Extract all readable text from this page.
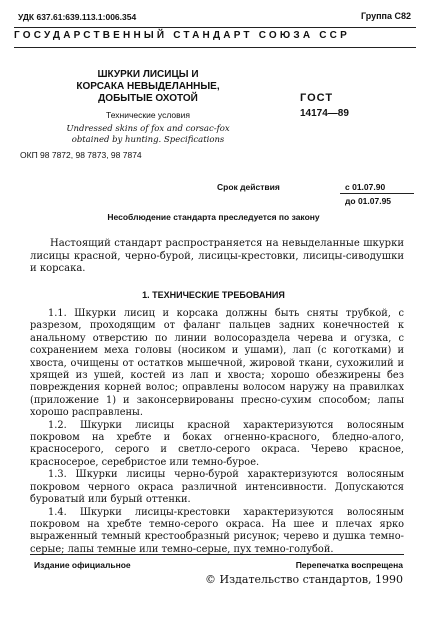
УДК 637.61:639.113.1:006.354	Группа С82
ГОСУДАРСТВЕННЫЙ СТАНДАРТ СОЮЗА ССР
ШКУРКИ ЛИСИЦЫ И
КОРСАКА НЕВЫДЕЛАННЫЕ,
ДОБЫТЫЕ ОХОТОЙ
Технические условия
Undressed skins of fox and corsac-fox
obtained by hunting. Specifications
ОКП 98 7872, 98 7873, 98 7874
ГОСТ
14174—89
Срок действия	с 01.07.90
до 01.07.95
Несоблюдение стандарта преследуется по закону
Настоящий стандарт распространяется на невыделанные шкурки лисицы красной, черно-бурой, лисицы-крестовки, лисицы-сиводушки и корсака.
1. ТЕХНИЧЕСКИЕ ТРЕБОВАНИЯ

1.1. Шкурки лисиц и корсака должны быть сняты трубкой, с разрезом, проходящим от фаланг пальцев задних конечностей к анальному отверстию по линии волосораздела черева и огузка, с сохранением меха головы (носиком и ушами), лап (с коготками) и хвоста, очищены от остатков мышечной, жировой ткани, сухожилий и хрящей из ушей, костей из лап и хвоста; хорошо обезжирены без повреждения корней волос; оправлены волосом наружу на правилках (приложение 1) и законсервированы пресно-сухим способом; лапы хорошо расправлены.

1.2. Шкурки лисицы красной характеризуются волосяным покровом на хребте и боках огненно-красного, бледно-алого, красносерого, серого и светло-серого окраса. Черево красное, красносерое, серебристое или темно-бурое.

1.3. Шкурки лисицы черно-бурой характеризуются волосяным покровом черного окраса различной интенсивности. Допускаются буроватый или бурый оттенки.

1.4. Шкурки лисицы-крестовки характеризуются волосяным покровом на хребте темно-серого окраса. На шее и плечах ярко выраженный темный крестообразный рисунок; черево и душка темно-серые; лапы темные или темно-серые, пух темно-голубой.

Издание официальное	Перепечатка воспрещена
© Издательство стандартов, 1990
